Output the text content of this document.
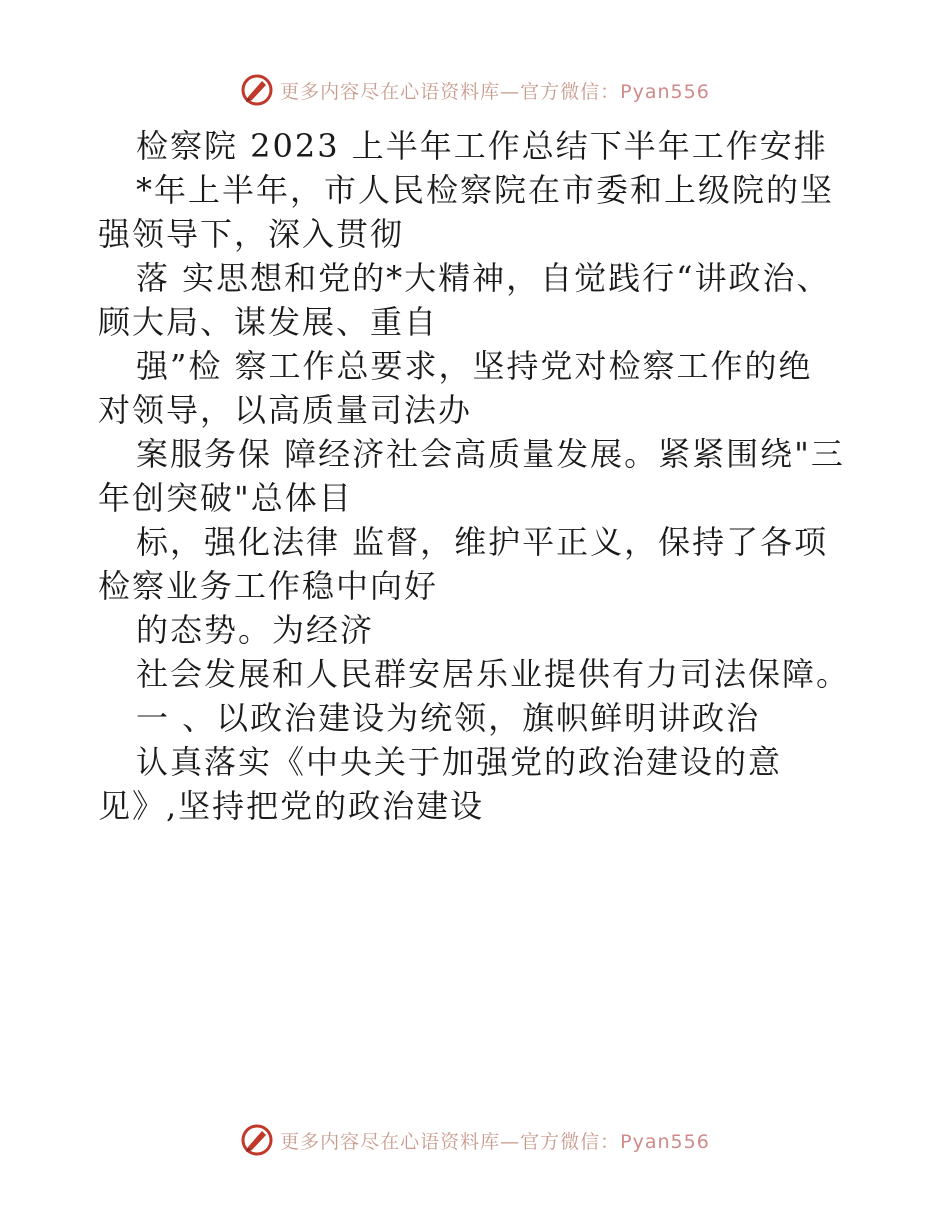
更多内容尽在心语资料库—官方微信：Pyan556
检察院 2023 上半年工作总结下半年工作安排
*年上半年，市人民检察院在市委和上级院的坚
强领导下，深入贯彻
落 实思想和党的*大精神，自觉践行“讲政治、
顾大局、谋发展、重自
强”检 察工作总要求，坚持党对检察工作的绝
对领导，以高质量司法办
案服务保 障经济社会高质量发展。紧紧围绕"三
年创突破"总体目
标，强化法律 监督，维护平正义，保持了各项
检察业务工作稳中向好
的态势。为经济
社会发展和人民群安居乐业提供有力司法保障。
一 、以政治建设为统领，旗帜鲜明讲政治
认真落实《中央关于加强党的政治建设的意
见》,坚持把党的政治建设
更多内容尽在心语资料库—官方微信：Pyan556
